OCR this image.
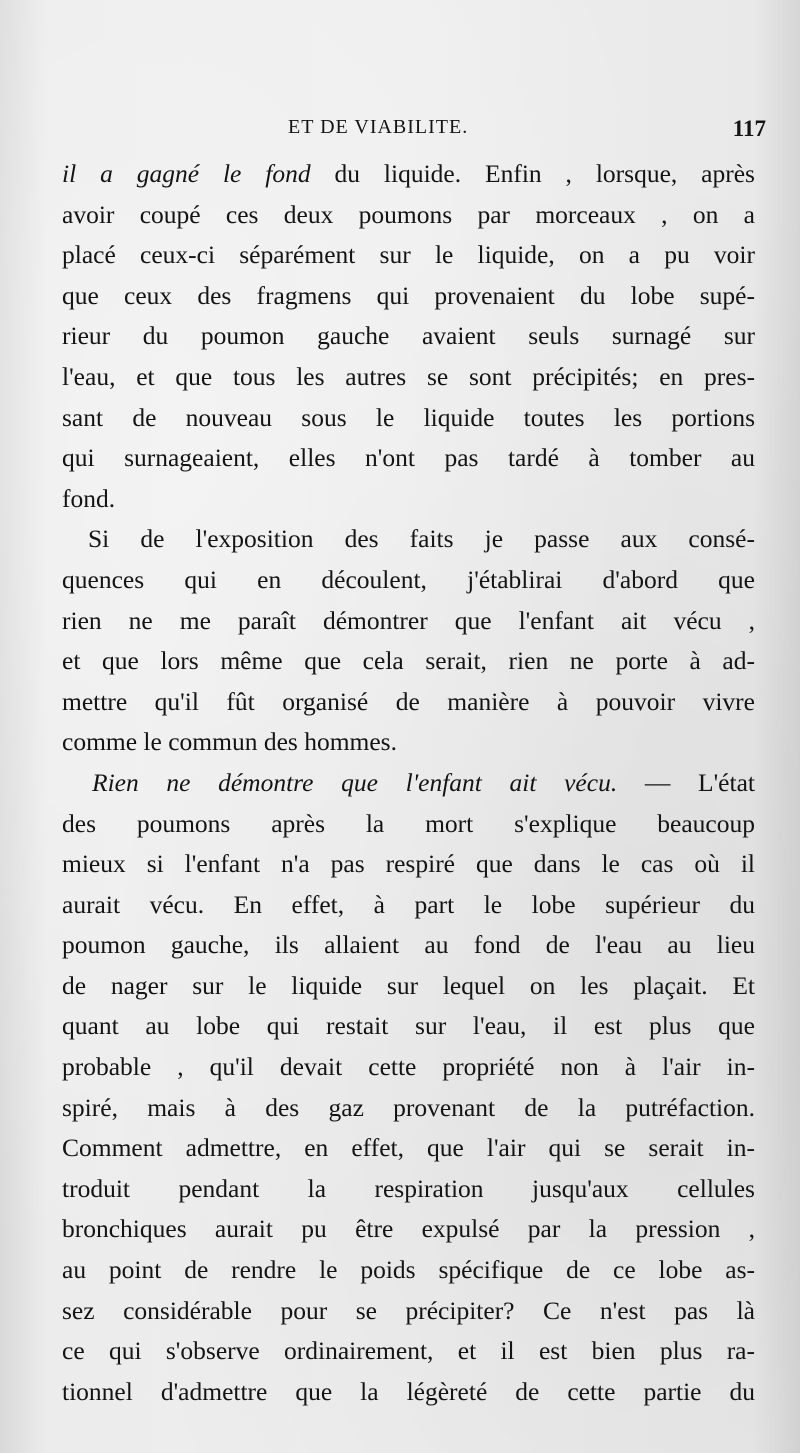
ET DE VIABILITE.	117
il a gagné le fond du liquide. Enfin , lorsque, après
avoir coupé ces deux poumons par morceaux , on a
placé ceux-ci séparément sur le liquide, on a pu voir
que ceux des fragmens qui provenaient du lobe supé-
rieur du poumon gauche avaient seuls surnagé sur
l'eau, et que tous les autres se sont précipités; en pres-
sant de nouveau sous le liquide toutes les portions
qui surnageaient, elles n'ont pas tardé à tomber au
fond.
Si de l'exposition des faits je passe aux consé-
quences qui en découlent, j'établirai d'abord que
rien ne me paraît démontrer que l'enfant ait vécu ,
et que lors même que cela serait, rien ne porte à ad-
mettre qu'il fût organisé de manière à pouvoir vivre
comme le commun des hommes.
Rien ne démontre que l'enfant ait vécu. — L'état
des poumons après la mort s'explique beaucoup
mieux si l'enfant n'a pas respiré que dans le cas où il
aurait vécu. En effet, à part le lobe supérieur du
poumon gauche, ils allaient au fond de l'eau au lieu
de nager sur le liquide sur lequel on les plaçait. Et
quant au lobe qui restait sur l'eau, il est plus que
probable , qu'il devait cette propriété non à l'air in-
spiré, mais à des gaz provenant de la putréfaction.
Comment admettre, en effet, que l'air qui se serait in-
troduit pendant la respiration jusqu'aux cellules
bronchiques aurait pu être expulsé par la pression ,
au point de rendre le poids spécifique de ce lobe as-
sez considérable pour se précipiter? Ce n'est pas là
ce qui s'observe ordinairement, et il est bien plus ra-
tionnel d'admettre que la légèreté de cette partie du
